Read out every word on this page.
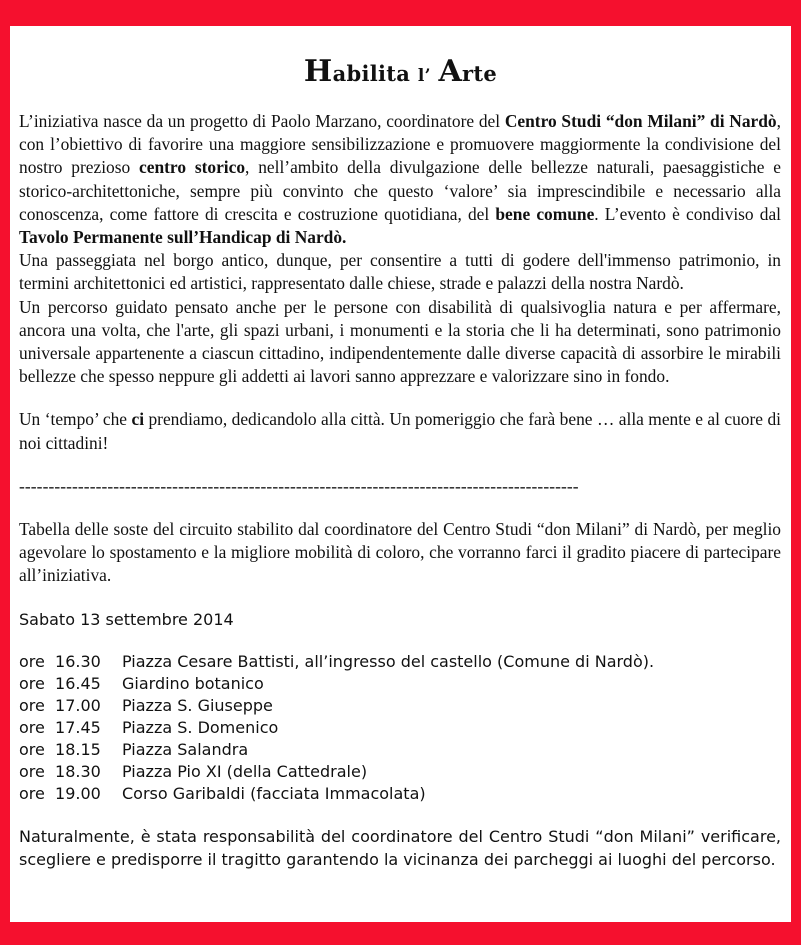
Habilita l’ Arte

L’iniziativa nasce da un progetto di Paolo Marzano, coordinatore del Centro Studi “don Milani” di Nardò, con l’obiettivo di favorire una maggiore sensibilizzazione e promuovere maggiormente la condivisione del nostro prezioso centro storico, nell’ambito della divulgazione delle bellezze naturali, paesaggistiche e storico-architettoniche, sempre più convinto che questo ‘valore’ sia imprescindibile e necessario alla conoscenza, come fattore di crescita e costruzione quotidiana, del bene comune. L’evento è condiviso dal Tavolo Permanente sull’Handicap di Nardò.

Una passeggiata nel borgo antico, dunque, per consentire a tutti di godere dell'immenso patrimonio, in termini architettonici ed artistici, rappresentato dalle chiese, strade e palazzi della nostra Nardò.

Un percorso guidato pensato anche per le persone con disabilità di qualsivoglia natura e per affermare, ancora una volta, che l'arte, gli spazi urbani, i monumenti e la storia che li ha determinati, sono patrimonio universale appartenente a ciascun cittadino, indipendentemente dalle diverse capacità di assorbire le mirabili bellezze che spesso neppure gli addetti ai lavori sanno apprezzare e valorizzare sino in fondo.

Un ‘tempo’ che ci prendiamo, dedicandolo alla città. Un pomeriggio che farà bene … alla mente e al cuore di noi cittadini!

-----------------------------------------------------------------------------------------------

Tabella delle soste del circuito stabilito dal coordinatore del Centro Studi “don Milani” di Nardò, per meglio agevolare lo spostamento e la migliore mobilità di coloro, che vorranno farci il gradito piacere di partecipare all’iniziativa.

Sabato 13 settembre 2014

ore  16.30	Piazza Cesare Battisti, all’ingresso del castello (Comune di Nardò).
ore  16.45	Giardino botanico
ore  17.00	Piazza S. Giuseppe
ore  17.45	Piazza S. Domenico
ore  18.15	Piazza Salandra
ore  18.30	Piazza Pio XI (della Cattedrale)
ore  19.00	Corso Garibaldi (facciata Immacolata)

Naturalmente, è stata responsabilità del coordinatore del Centro Studi “don Milani” verificare, scegliere e predisporre il tragitto garantendo la vicinanza dei parcheggi ai luoghi del percorso.
